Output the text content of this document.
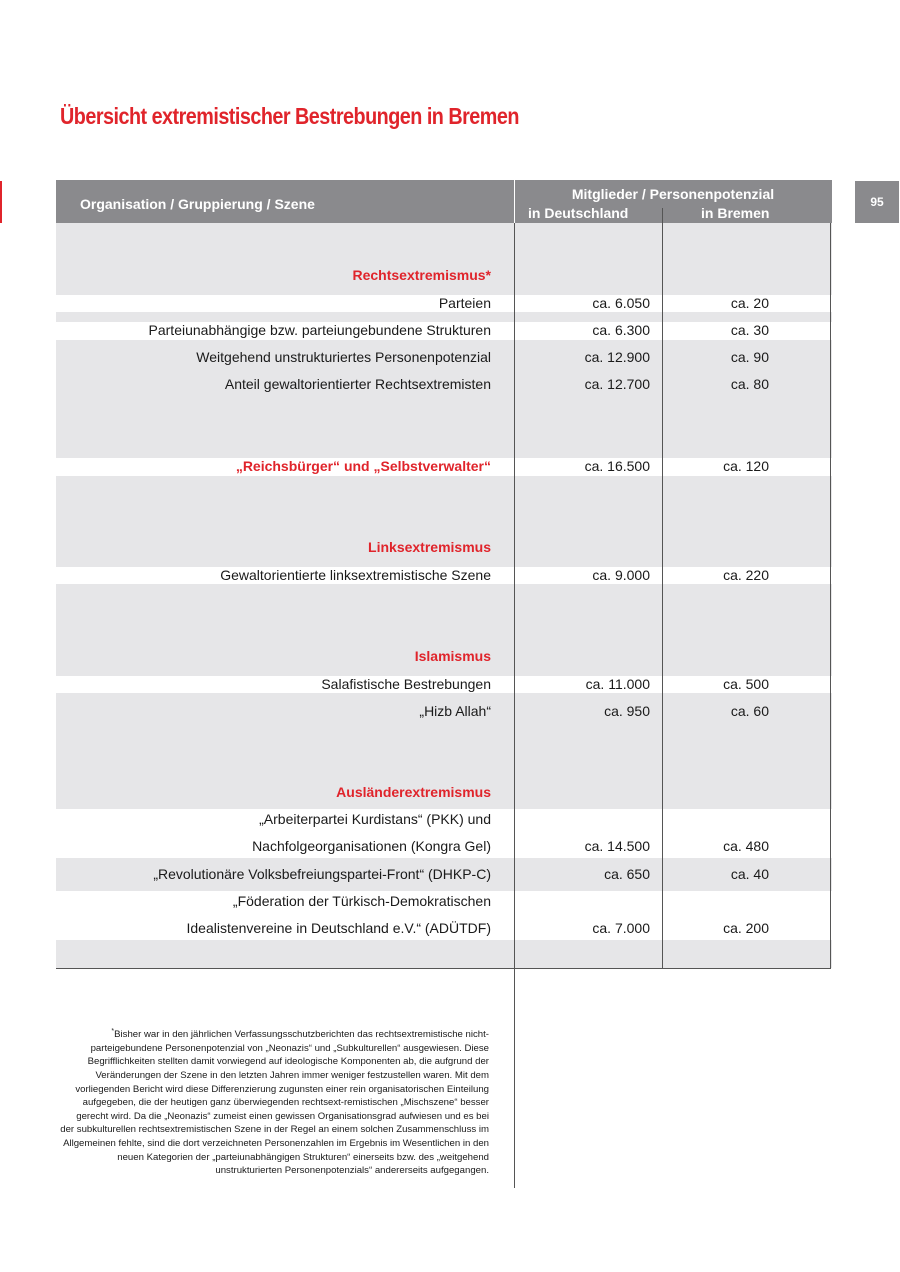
Übersicht extremistischer Bestrebungen in Bremen
95
Organisation / Gruppierung / Szene
Mitglieder / Personenpotenzial
in Deutschland	in Bremen
Rechtsextremismus*
Parteien	ca. 6.050	ca. 20
Parteiunabhängige bzw. parteiungebundene Strukturen	ca. 6.300	ca. 30
Weitgehend unstrukturiertes Personenpotenzial	ca. 12.900	ca. 90
Anteil gewaltorientierter Rechtsextremisten	ca. 12.700	ca. 80
„Reichsbürger“ und „Selbstverwalter“	ca. 16.500	ca. 120
Linksextremismus
Gewaltorientierte linksextremistische Szene	ca. 9.000	ca. 220
Islamismus
Salafistische Bestrebungen	ca. 11.000	ca. 500
„Hizb Allah“	ca. 950	ca. 60
Ausländerextremismus
„Arbeiterpartei Kurdistans“ (PKK) und
Nachfolgeorganisationen (Kongra Gel)	ca. 14.500	ca. 480
„Revolutionäre Volksbefreiungspartei-Front“ (DHKP-C)	ca. 650	ca. 40
„Föderation der Türkisch-Demokratischen
Idealistenvereine in Deutschland e.V.“ (ADÜTDF)	ca. 7.000	ca. 200
*Bisher war in den jährlichen Verfassungsschutzberichten das rechtsextremistische nicht-parteigebundene Personenpotenzial von „Neonazis“ und „Subkulturellen“ ausgewiesen. Diese Begrifflichkeiten stellten damit vorwiegend auf ideologische Komponenten ab, die aufgrund der Veränderungen der Szene in den letzten Jahren immer weniger festzustellen waren. Mit dem vorliegenden Bericht wird diese Differenzierung zugunsten einer rein organisatorischen Einteilung aufgegeben, die der heutigen ganz überwiegenden rechtsext-remistischen „Mischszene“ besser gerecht wird. Da die „Neonazis“ zumeist einen gewissen Organisationsgrad aufwiesen und es bei der subkulturellen rechtsextremistischen Szene in der Regel an einem solchen Zusammenschluss im Allgemeinen fehlte, sind die dort verzeichneten Personenzahlen im Ergebnis im Wesentlichen in den neuen Kategorien der „parteiunabhängigen Strukturen“ einerseits bzw. des „weitgehend unstrukturierten Personenpotenzials“ andererseits aufgegangen.
